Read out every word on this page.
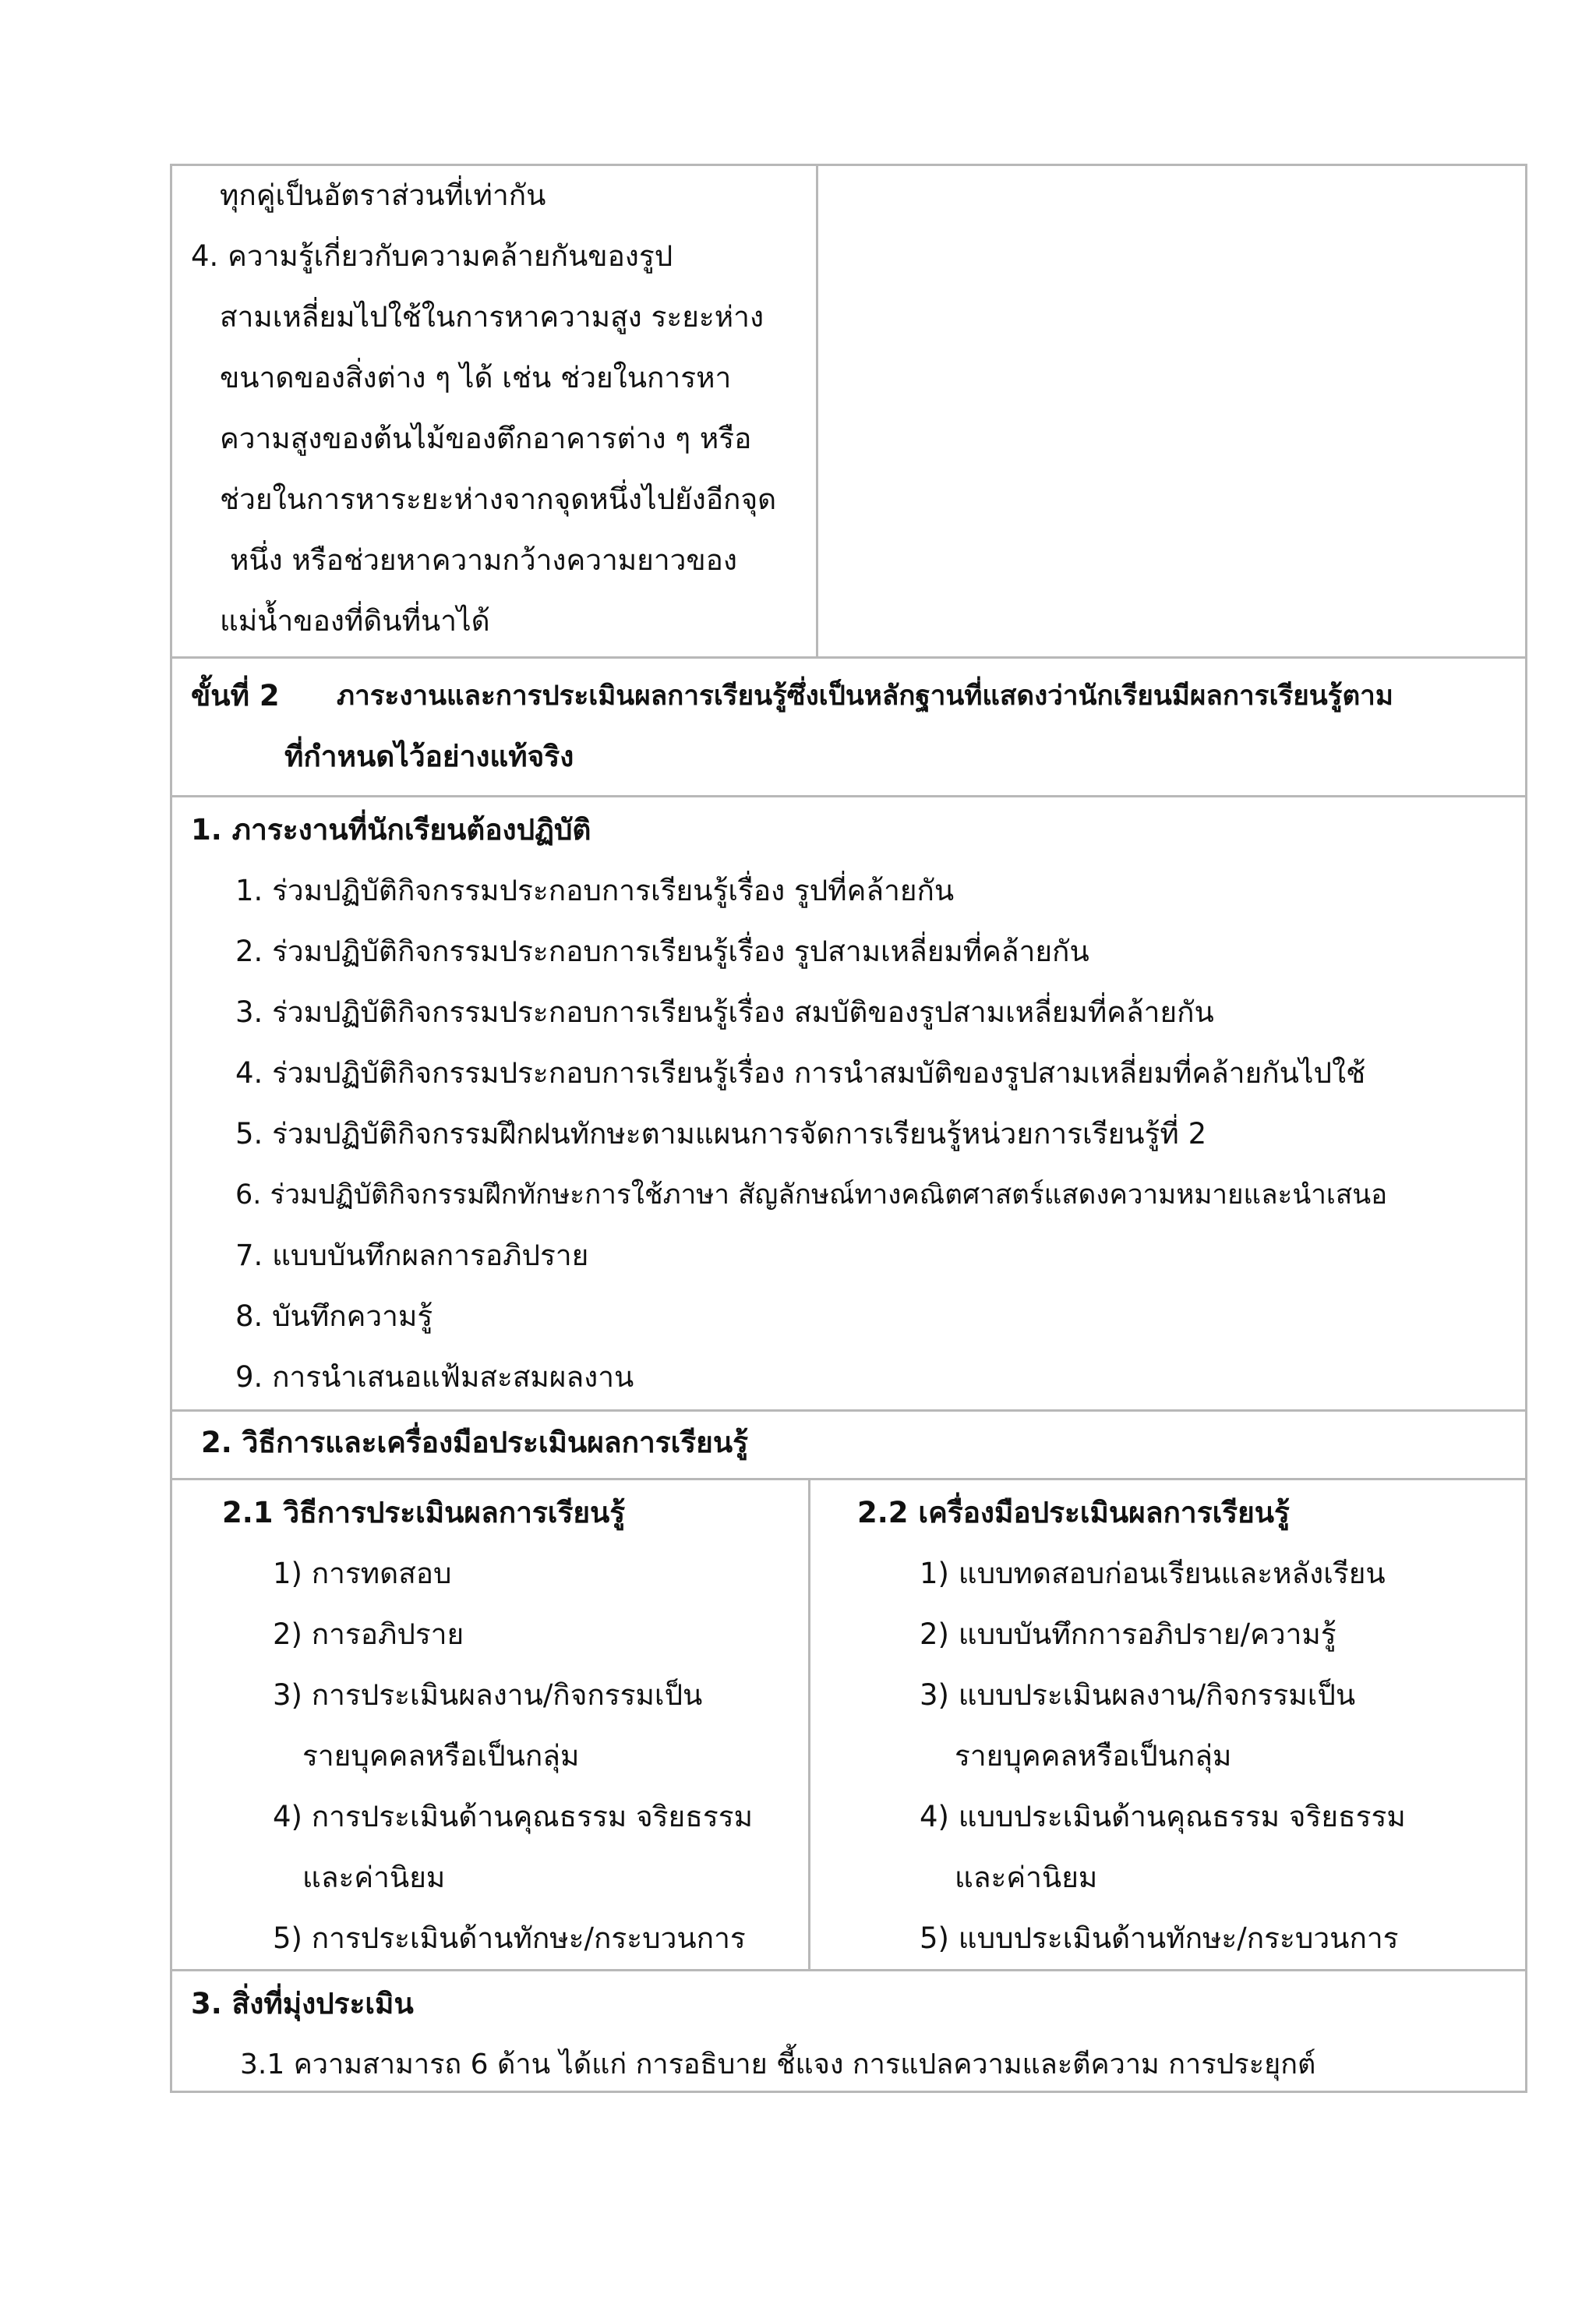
ทุกคู่เป็นอัตราส่วนที่เท่ากัน
4. ความรู้เกี่ยวกับความคล้ายกันของรูป
สามเหลี่ยมไปใช้ในการหาความสูง ระยะห่าง
ขนาดของสิ่งต่าง ๆ ได้ เช่น ช่วยในการหา
ความสูงของต้นไม้ของตึกอาคารต่าง ๆ หรือ
ช่วยในการหาระยะห่างจากจุดหนึ่งไปยังอีกจุด
หนึ่ง หรือช่วยหาความกว้างความยาวของ
แม่น้ำของที่ดินที่นาได้
ขั้นที่ 2 ภาระงานและการประเมินผลการเรียนรู้ซึ่งเป็นหลักฐานที่แสดงว่านักเรียนมีผลการเรียนรู้ตาม
ที่กำหนดไว้อย่างแท้จริง
1. ภาระงานที่นักเรียนต้องปฏิบัติ
1. ร่วมปฏิบัติกิจกรรมประกอบการเรียนรู้เรื่อง รูปที่คล้ายกัน
2. ร่วมปฏิบัติกิจกรรมประกอบการเรียนรู้เรื่อง รูปสามเหลี่ยมที่คล้ายกัน
3. ร่วมปฏิบัติกิจกรรมประกอบการเรียนรู้เรื่อง สมบัติของรูปสามเหลี่ยมที่คล้ายกัน
4. ร่วมปฏิบัติกิจกรรมประกอบการเรียนรู้เรื่อง การนำสมบัติของรูปสามเหลี่ยมที่คล้ายกันไปใช้
5. ร่วมปฏิบัติกิจกรรมฝึกฝนทักษะตามแผนการจัดการเรียนรู้หน่วยการเรียนรู้ที่ 2
6. ร่วมปฏิบัติกิจกรรมฝึกทักษะการใช้ภาษา สัญลักษณ์ทางคณิตศาสตร์แสดงความหมายและนำเสนอ
7. แบบบันทึกผลการอภิปราย
8. บันทึกความรู้
9. การนำเสนอแฟ้มสะสมผลงาน
2. วิธีการและเครื่องมือประเมินผลการเรียนรู้
2.1 วิธีการประเมินผลการเรียนรู้
1) การทดสอบ
2) การอภิปราย
3) การประเมินผลงาน/กิจกรรมเป็น
รายบุคคลหรือเป็นกลุ่ม
4) การประเมินด้านคุณธรรม จริยธรรม
และค่านิยม
5) การประเมินด้านทักษะ/กระบวนการ
2.2 เครื่องมือประเมินผลการเรียนรู้
1) แบบทดสอบก่อนเรียนและหลังเรียน
2) แบบบันทึกการอภิปราย/ความรู้
3) แบบประเมินผลงาน/กิจกรรมเป็น
รายบุคคลหรือเป็นกลุ่ม
4) แบบประเมินด้านคุณธรรม จริยธรรม
และค่านิยม
5) แบบประเมินด้านทักษะ/กระบวนการ
3. สิ่งที่มุ่งประเมิน
3.1 ความสามารถ 6 ด้าน ได้แก่ การอธิบาย ชี้แจง การแปลความและตีความ การประยุกต์
